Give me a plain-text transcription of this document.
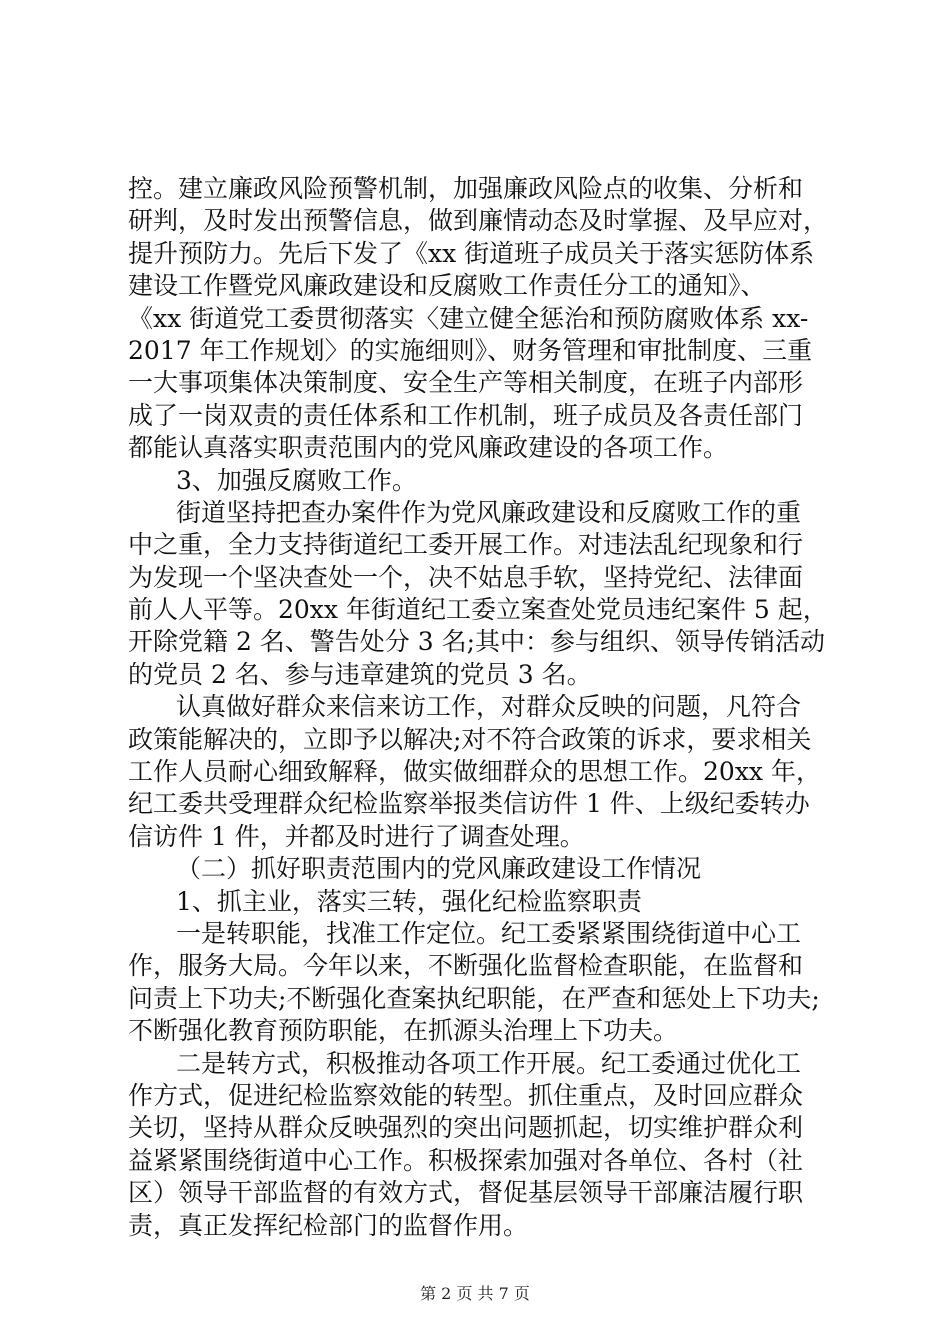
控。建立廉政风险预警机制，加强廉政风险点的收集、分析和
研判，及时发出预警信息，做到廉情动态及时掌握、及早应对，
提升预防力。先后下发了《xx 街道班子成员关于落实惩防体系
建设工作暨党风廉政建设和反腐败工作责任分工的通知》、
《xx 街道党工委贯彻落实〈建立健全惩治和预防腐败体系 xx-
2017 年工作规划〉的实施细则》、财务管理和审批制度、三重
一大事项集体决策制度、安全生产等相关制度，在班子内部形
成了一岗双责的责任体系和工作机制，班子成员及各责任部门
都能认真落实职责范围内的党风廉政建设的各项工作。
3、加强反腐败工作。
街道坚持把查办案件作为党风廉政建设和反腐败工作的重
中之重，全力支持街道纪工委开展工作。对违法乱纪现象和行
为发现一个坚决查处一个，决不姑息手软，坚持党纪、法律面
前人人平等。20xx 年街道纪工委立案查处党员违纪案件 5 起，
开除党籍 2 名、警告处分 3 名;其中：参与组织、领导传销活动
的党员 2 名、参与违章建筑的党员 3 名。
认真做好群众来信来访工作，对群众反映的问题，凡符合
政策能解决的，立即予以解决;对不符合政策的诉求，要求相关
工作人员耐心细致解释，做实做细群众的思想工作。20xx 年，
纪工委共受理群众纪检监察举报类信访件 1 件、上级纪委转办
信访件 1 件，并都及时进行了调查处理。
（二）抓好职责范围内的党风廉政建设工作情况
1、抓主业，落实三转，强化纪检监察职责
一是转职能，找准工作定位。纪工委紧紧围绕街道中心工
作，服务大局。今年以来，不断强化监督检查职能，在监督和
问责上下功夫;不断强化查案执纪职能，在严查和惩处上下功夫;
不断强化教育预防职能，在抓源头治理上下功夫。
二是转方式，积极推动各项工作开展。纪工委通过优化工
作方式，促进纪检监察效能的转型。抓住重点，及时回应群众
关切，坚持从群众反映强烈的突出问题抓起，切实维护群众利
益紧紧围绕街道中心工作。积极探索加强对各单位、各村（社
区）领导干部监督的有效方式，督促基层领导干部廉洁履行职
责，真正发挥纪检部门的监督作用。
第 2 页 共 7 页
